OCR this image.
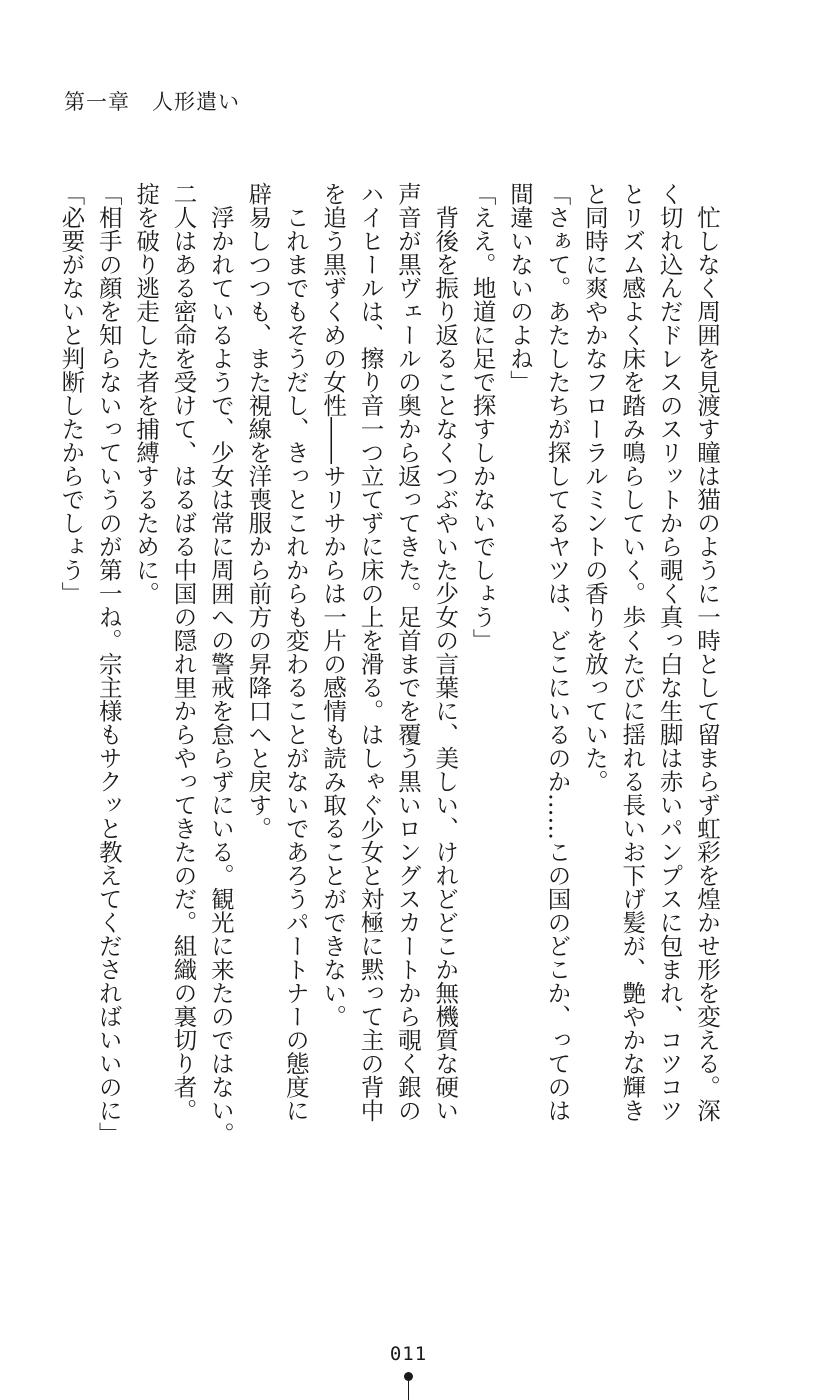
第一章　人形遣い
　忙しなく周囲を見渡す瞳は猫のように一時として留まらず虹彩を煌かせ形を変える。深
く切れ込んだドレスのスリットから覗く真っ白な生脚は赤いパンプスに包まれ、コツコツ
とリズム感よく床を踏み鳴らしていく。歩くたびに揺れる長いお下げ髪が、艶やかな輝き
と同時に爽やかなフローラルミントの香りを放っていた。
「さぁて。あたしたちが探してるヤツは、どこにいるのか……この国のどこか、ってのは
間違いないのよね」
「ええ。地道に足で探すしかないでしょう」
　背後を振り返ることなくつぶやいた少女の言葉に、美しい、けれどどこか無機質な硬い
声音が黒ヴェールの奥から返ってきた。足首までを覆う黒いロングスカートから覗く銀の
ハイヒールは、擦り音一つ立てずに床の上を滑る。はしゃぐ少女と対極に黙って主の背中
を追う黒ずくめの女性――サリサからは一片の感情も読み取ることができない。
　これまでもそうだし、きっとこれからも変わることがないであろうパートナーの態度に
辟易しつつも、また視線を洋喪服から前方の昇降口へと戻す。
　浮かれているようで、少女は常に周囲への警戒を怠らずにいる。観光に来たのではない。
二人はある密命を受けて、はるばる中国の隠れ里からやってきたのだ。組織の裏切り者。
掟を破り逃走した者を捕縛するために。
「相手の顔を知らないっていうのが第一ね。宗主様もサクッと教えてくださればいいのに」
「必要がないと判断したからでしょう」
011
